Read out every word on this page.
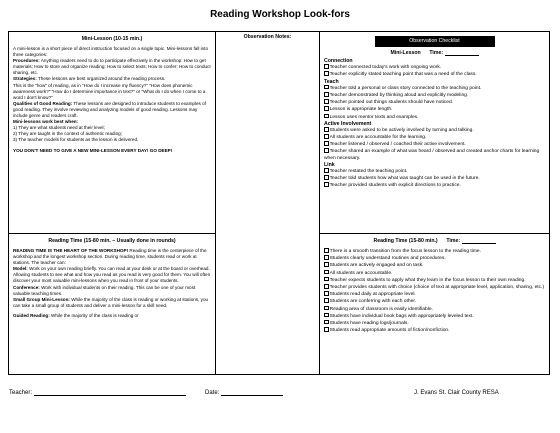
Reading Workshop Look-fors
Mini-Lesson (10-15 min.)

A mini-lesson is a short piece of direct instruction focused on a single topic. Mini-lessons fall into three categories:

Procedures: Anything readers need to do to participate effectively in the workshop: How to get materials; How to store and organize reading; How to select texts; How to confer; How to conduct sharing, etc.

Strategies: These lessons are best organized around the reading process.

This is the "how" of reading, as in "How do I increase my fluency?" "How does phonemic awareness work?" "How do I determine importance in text?" or "What do I do when I come to a word I don't know?"

Qualities of Good Reading: These lessons are designed to introduce students to examples of good reading. They involve reviewing and analyzing models of good reading. Lessons may include genre and readers craft.

Mini-lessons work best when:

1) They are what students need at their level;

2) They are taught in the context of authentic reading;

3) The teacher models for students as the lesson is delivered.

YOU DON'T NEED TO GIVE A NEW MINI-LESSON EVERY DAY! GO DEEP!

Observation Notes:
Observation Checklist
Mini-Lesson Time:
Connection
Teacher connected today's work with ongoing work.
Teacher explicitly stated teaching point that was a need of the class.
Teach
Teacher told a personal or class story connected to the teaching point.
Teacher demonstrated by thinking aloud and explicitly modeling.
Teacher pointed out things students should have noticed.
Lesson is appropriate length.
Lesson uses mentor texts and examples.
Active Involvement
Students were asked to be actively involved by turning and talking.
All students are accountable for the learning.
Teacher listened / observed / coached their active involvement.
Teacher shared an example of what was heard / observed and created anchor charts for learning when necessary.
Link
Teacher restated the teaching point.
Teacher told students how what was taught can be used in the future.
Teacher provided students with explicit directions to practice.
Reading Time (15-80 min. – Usually done in rounds)

READING TIME IS THE HEART OF THE WORKSHOP! Reading time is the centerpiece of the workshop and the longest workshop section. During reading time, students read or work at stations. The teacher can:

Model: Work on your own reading briefly. You can read at your desk or at the board or overhead. Allowing students to see what and how you read as you read is very good for them. You will often discover your most valuable mini-lessons when you read in front of your students.

Conference: Work with individual students on their reading. This can be one of your most valuable teaching times.

Small Group Mini-Lesson: While the majority of the class is reading or working at stations, you can take a small group of students and deliver a mini-lesson for a skill need.

Guided Reading: While the majority of the class is reading or

Reading Time (15-80 min.) Time:
There is a smooth transition from the focus lesson to the reading time.
Students clearly understand routines and procedures.
Students are actively engaged and on task.
All students are accountable.
Teacher expects students to apply what they learn in the focus lesson to their own reading.
Teacher provides students with choice (choice of text at appropriate level, application, sharing, etc.)
Students read daily at appropriate level.
Students are conferring with each other.
Reading area of classroom is easily identifiable.
Students have individual book bags with appropriately leveled text.
Students have reading logs/journals.
Students read appropriate amounts of fiction/nonfiction.
Teacher:	Date:	J. Evans St. Clair County RESA
